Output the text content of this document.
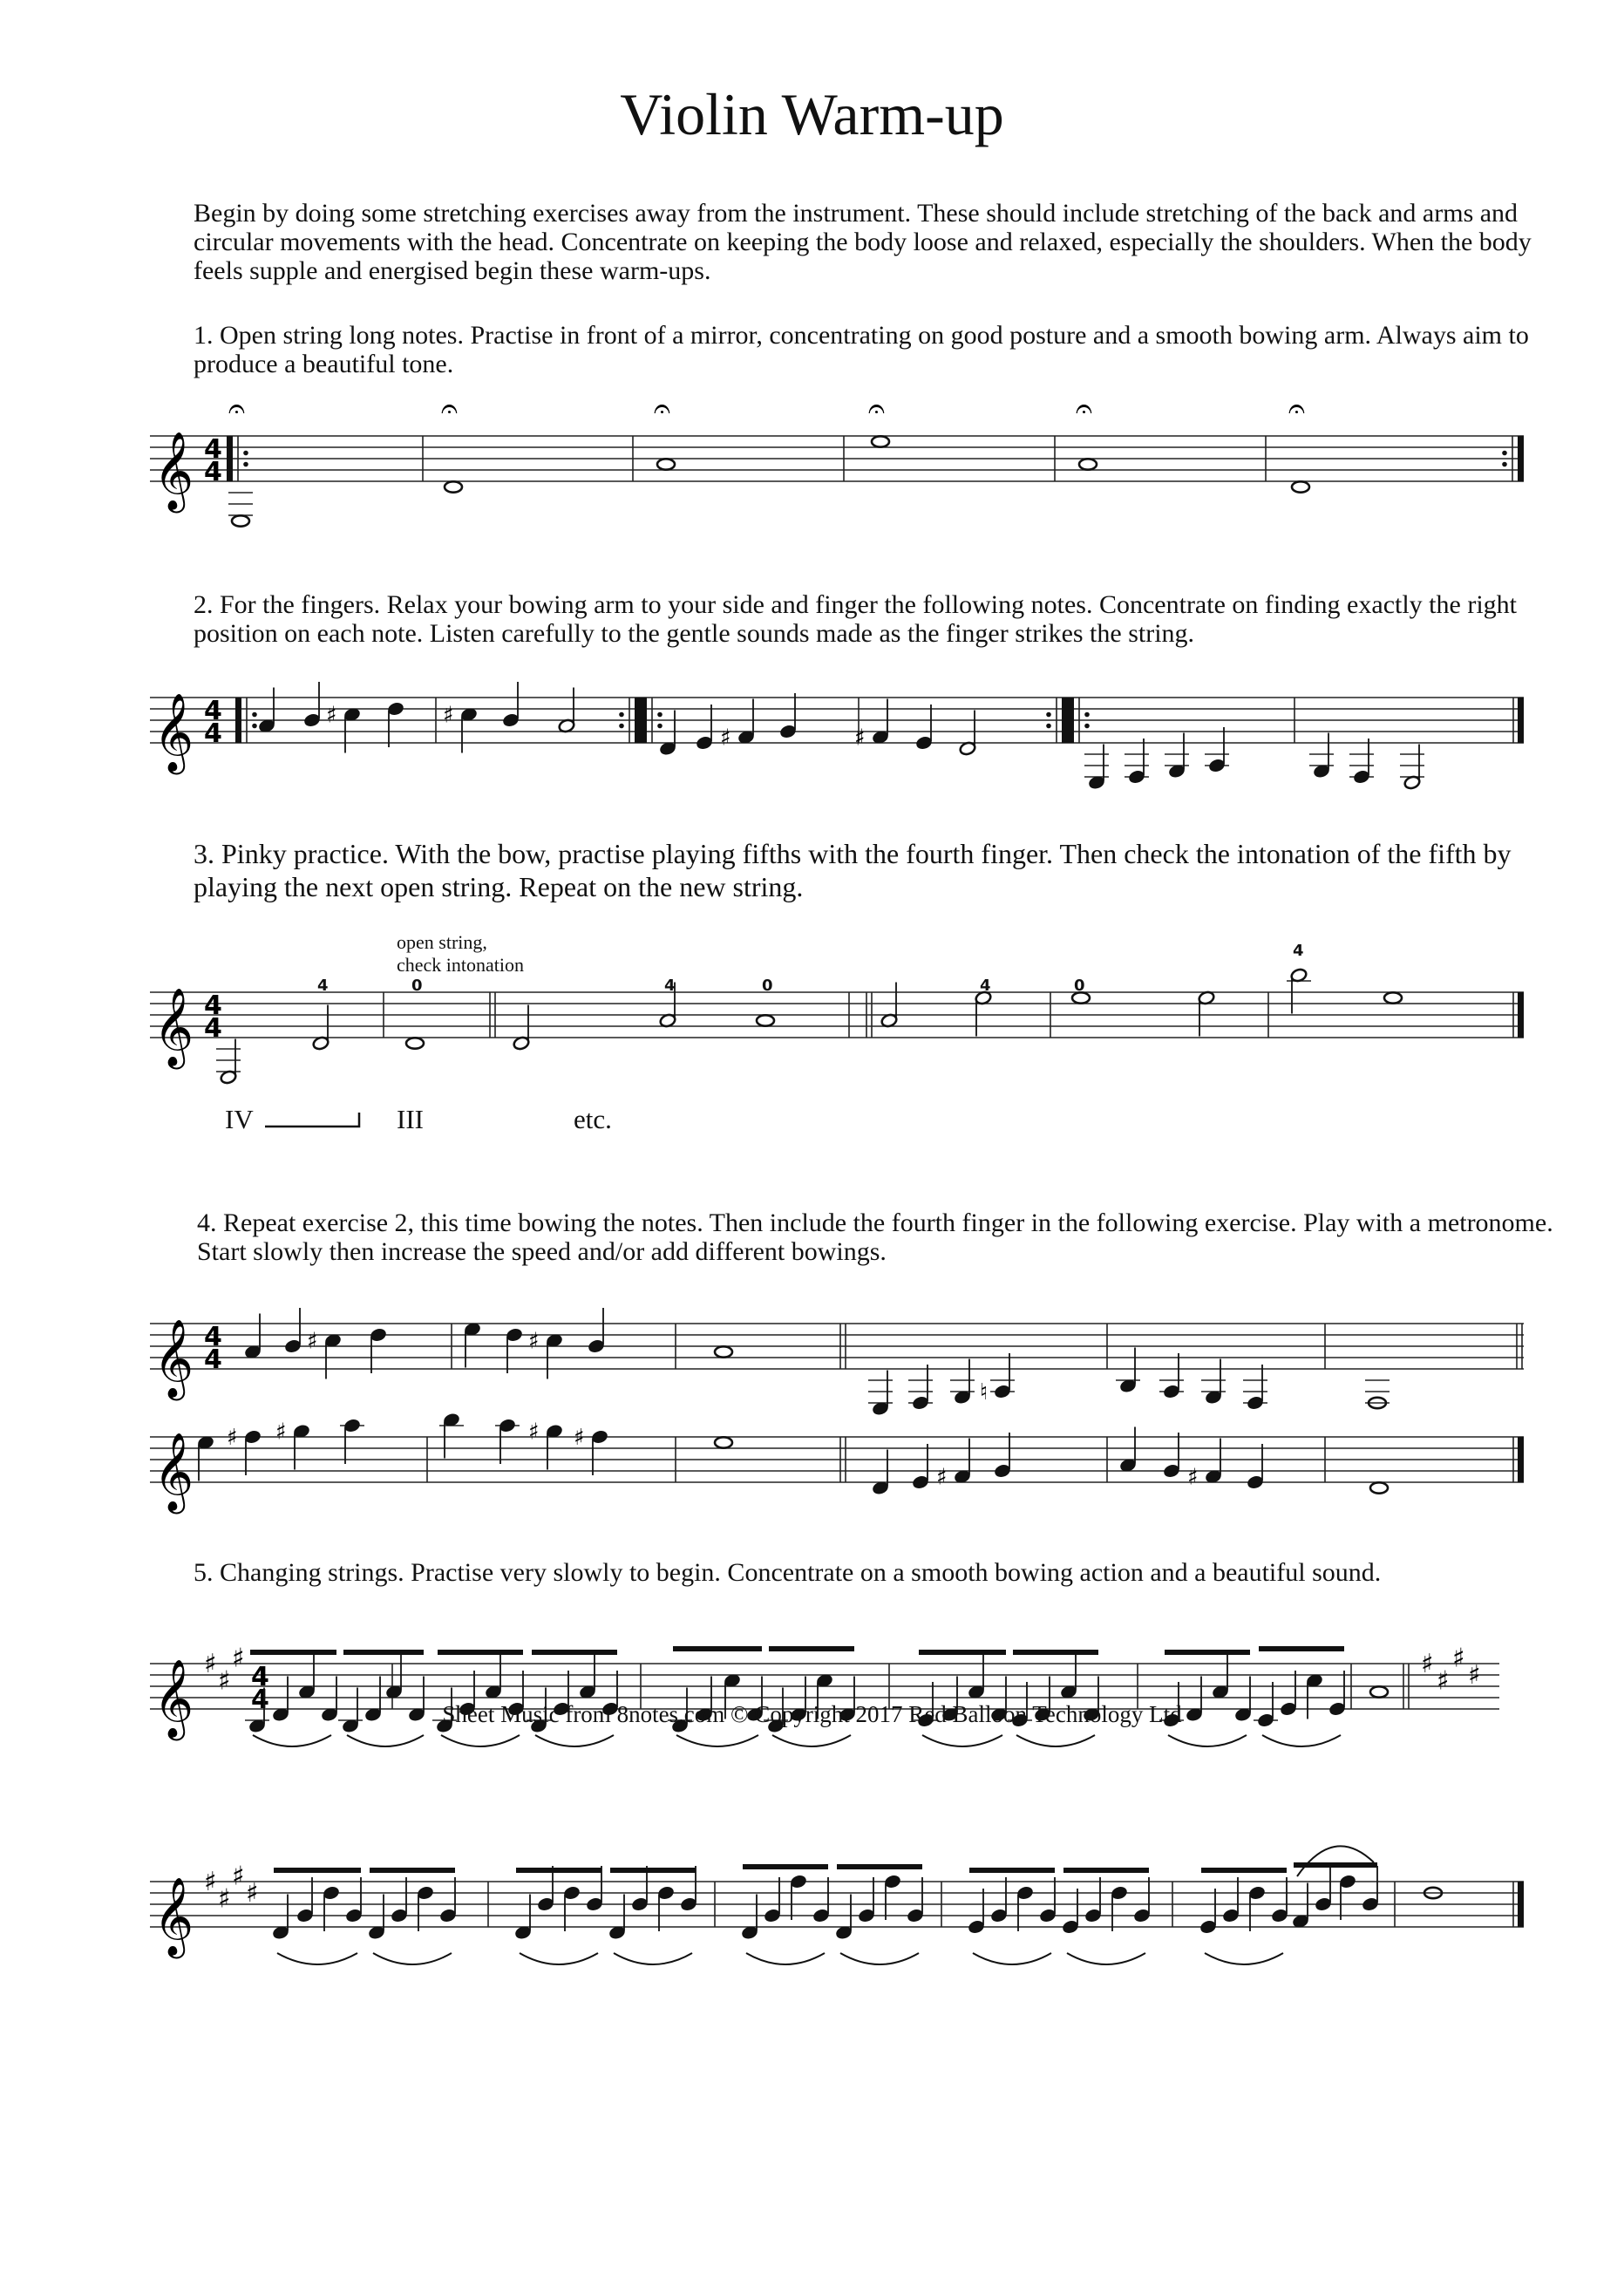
Violin Warm-up

Begin by doing some stretching exercises away from the instrument. These should include stretching of the back and arms and circular movements with the head. Concentrate on keeping the body loose and relaxed, especially the shoulders. When the body feels supple and energised begin these warm-ups.

1. Open string long notes. Practise in front of a mirror, concentrating on good posture and a smooth bowing arm. Always aim to produce a beautiful tone.

2. For the fingers. Relax your bowing arm to your side and finger the following notes. Concentrate on finding exactly the right position on each note. Listen carefully to the gentle sounds made as the finger strikes the string.

3. Pinky practice. With the bow, practise playing fifths with the fourth finger. Then check the intonation of the fifth by playing the next open string. Repeat on the new string.

4. Repeat exercise 2, this time bowing the notes. Then include the fourth finger in the following exercise. Play with a metronome. Start slowly then increase the speed and/or add different bowings.

5. Changing strings. Practise very slowly to begin. Concentrate on a smooth bowing action and a beautiful sound.

𝄞 4
4
𝄐	𝄐	𝄐	𝄐	𝄐	𝄐
𝄞 4
4
♯	♯
♯	♯
𝄞 4
4
𝄞 4
4
♯	♯
♮
𝄞 ♯ ♯	♯ ♯
♯	♯
𝄞 ♯
♯
♯
4
4
♯
♯
♯
♯
𝄞 ♯
♯
♯
♯
open string,
check intonation
4	0	4	0	4	0
4
IV	III	etc.
Sheet Music from 8notes.com © Copyright 2017 Red Balloon Technology Ltd
